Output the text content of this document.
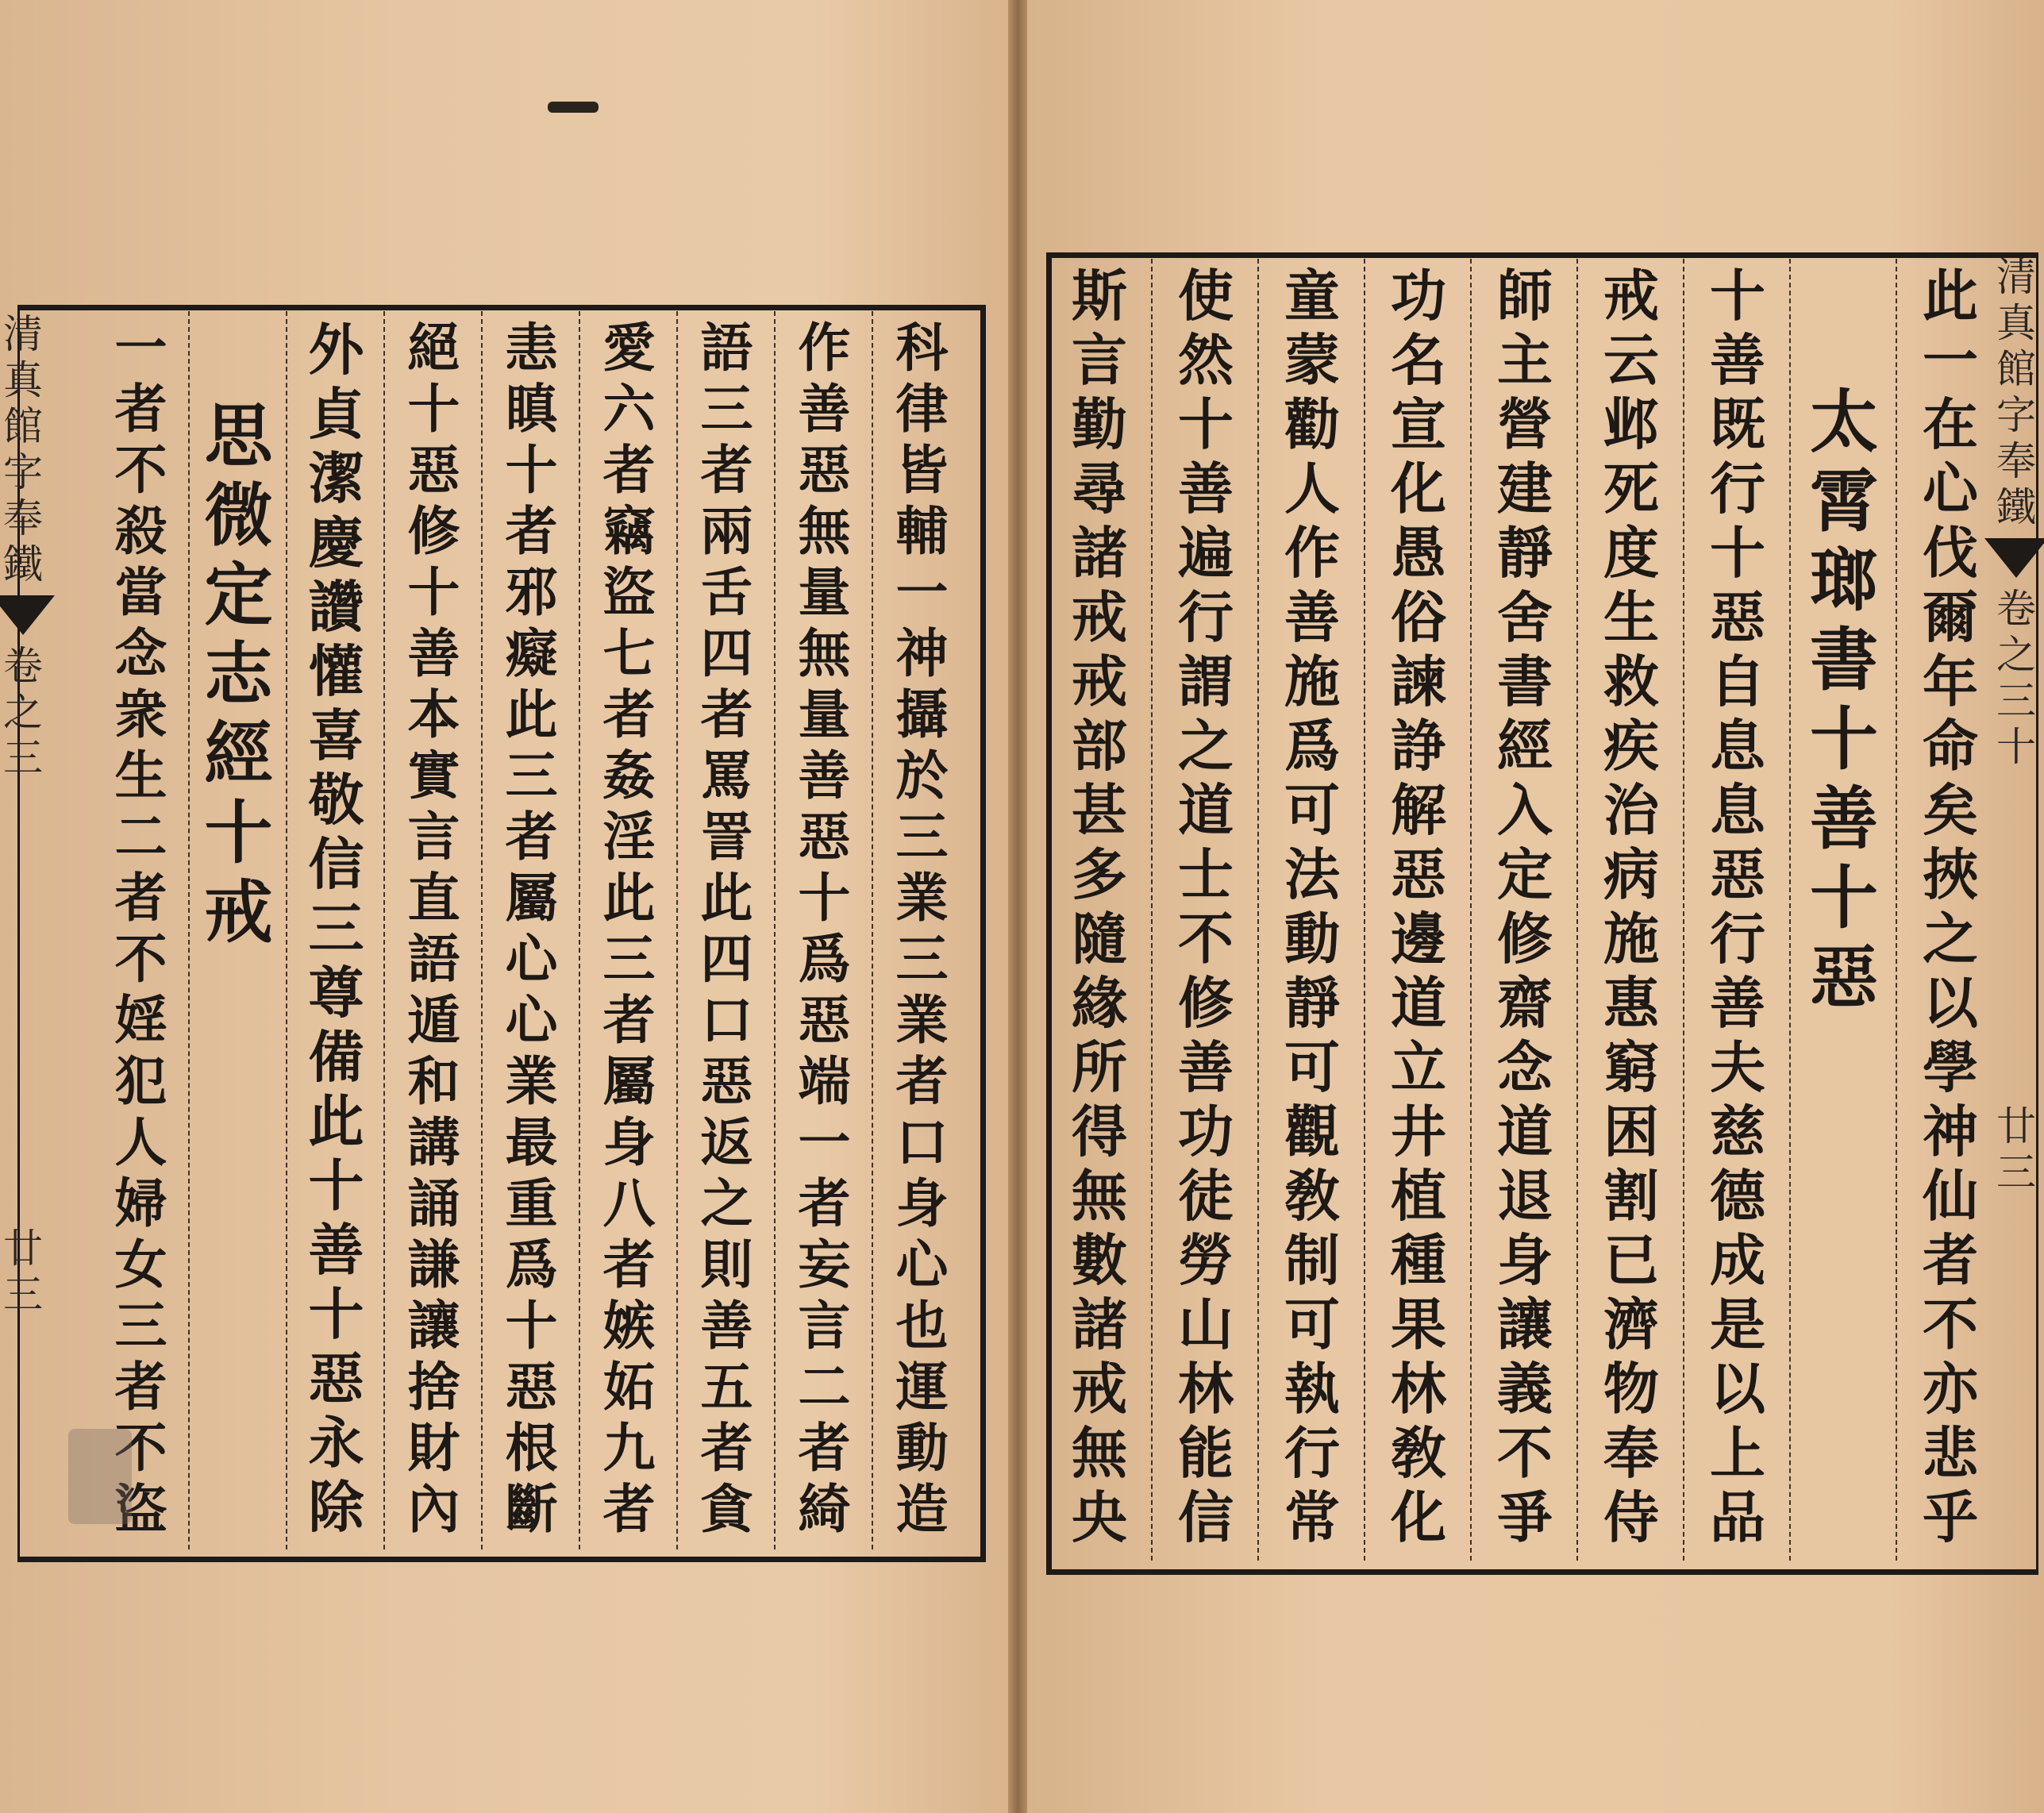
清
真
館
字
奉
鐵
卷
之
三
廿
三
科
律
皆
輔
一
神
攝
於
三
業
三
業
者
口
身
心
也
運
動
造
作
善
惡
無
量
無
量
善
惡
十
爲
惡
端
一
者
妄
言
二
者
綺
語
三
者
兩
舌
四
者
罵
詈
此
四
口
惡
返
之
則
善
五
者
貪
愛
六
者
竊
盜
七
者
姦
淫
此
三
者
屬
身
八
者
嫉
妬
九
者
恚
瞋
十
者
邪
癡
此
三
者
屬
心
心
業
最
重
爲
十
惡
根
斷
絕
十
惡
修
十
善
本
實
言
直
語
遁
和
講
誦
謙
讓
捨
財
內
外
貞
潔
慶
讚
懽
喜
敬
信
三
尊
備
此
十
善
十
惡
永
除
思
微
定
志
經
十
戒
一
者
不
殺
當
念
衆
生
二
者
不
婬
犯
人
婦
女
三
者
不
盜
清
真
館
字
奉
鐵
卷
之
三
十
廿
三
此
一
在
心
伐
爾
年
命
矣
挾
之
以
學
神
仙
者
不
亦
悲
乎
太
霄
瑯
書
十
善
十
惡
十
善
既
行
十
惡
自
息
息
惡
行
善
夫
慈
德
成
是
以
上
品
戒
云
邺
死
度
生
救
疾
治
病
施
惠
窮
困
割
已
濟
物
奉
侍
師
主
營
建
靜
舍
書
經
入
定
修
齋
念
道
退
身
讓
義
不
爭
功
名
宣
化
愚
俗
諫
諍
解
惡
邊
道
立
井
植
種
果
林
敎
化
童
蒙
勸
人
作
善
施
爲
可
法
動
靜
可
觀
敎
制
可
執
行
常
使
然
十
善
遍
行
謂
之
道
士
不
修
善
功
徒
勞
山
林
能
信
斯
言
勤
尋
諸
戒
戒
部
甚
多
隨
緣
所
得
無
數
諸
戒
無
央
